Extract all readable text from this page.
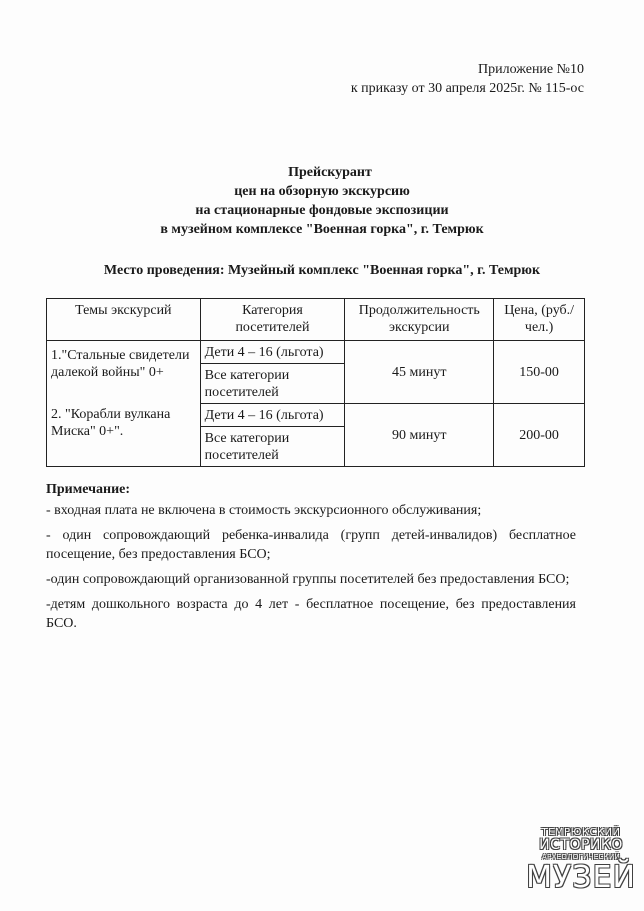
Приложение №10
к приказу от 30 апреля 2025г. № 115-ос
Прейскурант
цен на обзорную экскурсию
на стационарные фондовые экспозиции
в музейном комплексе "Военная горка", г. Темрюк
Место проведения: Музейный комплекс "Военная горка", г. Темрюк
Темы экскурсий	Категория посетителей	Продолжительность экскурсии	Цена, (руб./чел.)
1."Стальные свидетели далекой войны" 0+	Дети 4 – 16 (льгота)	45 минут	150-00
	Все категории посетителей		
2. "Корабли вулкана Миска" 0+".	Дети 4 – 16 (льгота)	90 минут	200-00
	Все категории посетителей		
Примечание:

- входная плата не включена в стоимость экскурсионного обслуживания;

- один сопровождающий ребенка-инвалида (групп детей-инвалидов) бесплатное посещение, без предоставления БСО;

-один сопровождающий организованной группы посетителей без предоставления БСО;

-детям дошкольного возраста до 4 лет - бесплатное посещение, без предоставления БСО.

ТЕМРЮКСКИЙ
ИСТОРИКО
АРХЕОЛОГИЧЕСКИЙ
МУЗЕЙ
